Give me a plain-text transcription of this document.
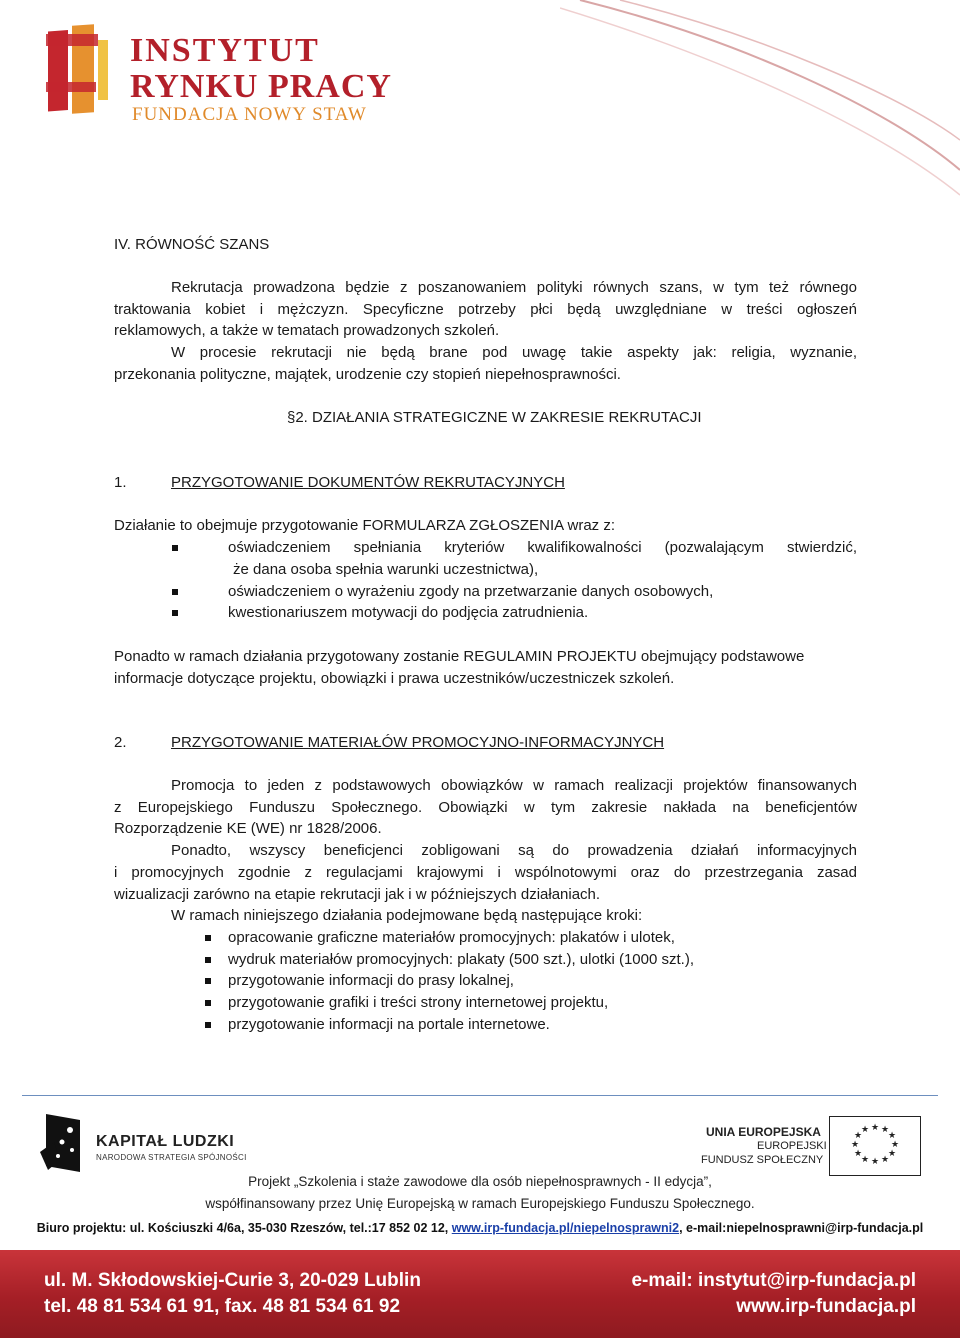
INSTYTUT
RYNKU PRACY
FUNDACJA NOWY STAW
IV. RÓWNOŚĆ SZANS
Rekrutacja prowadzona będzie z poszanowaniem polityki równych szans, w tym też równego
traktowania kobiet i mężczyzn. Specyficzne potrzeby płci będą uwzględniane w treści ogłoszeń
reklamowych, a także w tematach prowadzonych szkoleń.
W procesie rekrutacji nie będą brane pod uwagę takie aspekty jak: religia, wyznanie,
przekonania polityczne, majątek, urodzenie czy stopień niepełnosprawności.
§2. DZIAŁANIA STRATEGICZNE W ZAKRESIE REKRUTACJI
1.	PRZYGOTOWANIE DOKUMENTÓW REKRUTACYJNYCH
Działanie to obejmuje przygotowanie FORMULARZA ZGŁOSZENIA wraz z:
oświadczeniem spełniania kryteriów kwalifikowalności (pozwalającym stwierdzić,
że dana osoba spełnia warunki uczestnictwa),
oświadczeniem o wyrażeniu zgody na przetwarzanie danych osobowych,
kwestionariuszem motywacji do podjęcia zatrudnienia.
Ponadto w ramach działania przygotowany zostanie REGULAMIN PROJEKTU obejmujący podstawowe
informacje dotyczące projektu, obowiązki i prawa uczestników/uczestniczek szkoleń.
2.	PRZYGOTOWANIE MATERIAŁÓW PROMOCYJNO-INFORMACYJNYCH
Promocja to jeden z podstawowych obowiązków w ramach realizacji projektów finansowanych
z Europejskiego Funduszu Społecznego. Obowiązki w tym zakresie nakłada na beneficjentów
Rozporządzenie KE (WE) nr 1828/2006.
Ponadto, wszyscy beneficjenci zobligowani są do prowadzenia działań informacyjnych
i promocyjnych zgodnie z regulacjami krajowymi i wspólnotowymi oraz do przestrzegania zasad
wizualizacji zarówno na etapie rekrutacji jak i w późniejszych działaniach.
W ramach niniejszego działania podejmowane będą następujące kroki:
opracowanie graficzne materiałów promocyjnych: plakatów i ulotek,
wydruk materiałów promocyjnych: plakaty (500 szt.), ulotki (1000 szt.),
przygotowanie informacji do prasy lokalnej,
przygotowanie grafiki i treści strony internetowej projektu,
przygotowanie informacji na portale internetowe.
KAPITAŁ LUDZKI
NARODOWA STRATEGIA SPÓJNOŚCI
UNIA EUROPEJSKA
EUROPEJSKI
FUNDUSZ SPOŁECZNY
★ ★
★
★
★
★
★
★
★
★
★
★
Projekt „Szkolenia i staże zawodowe dla osób niepełnosprawnych - II edycja”,
współfinansowany przez Unię Europejską w ramach Europejskiego Funduszu Społecznego.
Biuro projektu: ul. Kościuszki 4/6a, 35-030 Rzeszów, tel.:17 852 02 12, www.irp-fundacja.pl/niepelnosprawni2, e-mail:niepelnosprawni@irp-fundacja.pl
ul. M. Skłodowskiej-Curie 3, 20-029 Lublin
tel. 48 81 534 61 91, fax. 48 81 534 61 92
e-mail: instytut@irp-fundacja.pl
www.irp-fundacja.pl
